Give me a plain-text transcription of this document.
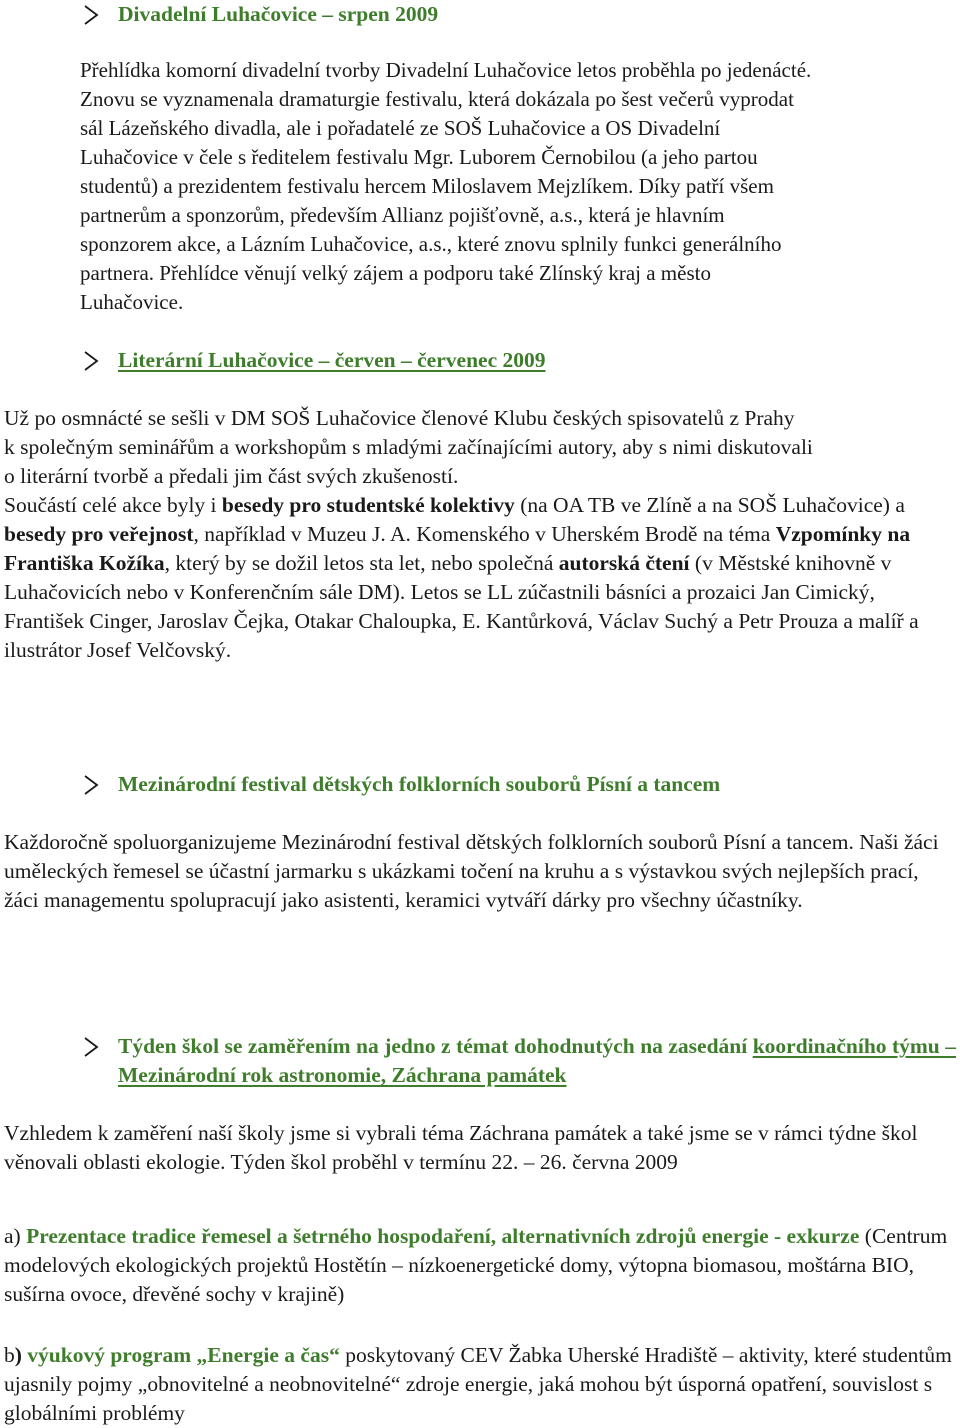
Divadelní Luhačovice – srpen 2009
Přehlídka komorní divadelní tvorby Divadelní Luhačovice letos proběhla po jedenácté.
Znovu se vyznamenala dramaturgie festivalu, která dokázala po šest večerů vyprodat
sál Lázeňského divadla, ale i pořadatelé ze SOŠ Luhačovice a OS Divadelní
Luhačovice v čele s ředitelem festivalu Mgr. Luborem Černobilou (a jeho partou
studentů) a prezidentem festivalu hercem Miloslavem Mejzlíkem. Díky patří všem
partnerům a sponzorům, především Allianz pojišťovně, a.s., která je hlavním
sponzorem akce, a Lázním Luhačovice, a.s., které znovu splnily funkci generálního
partnera. Přehlídce věnují velký zájem a podporu také Zlínský kraj a město
Luhačovice.
Literární Luhačovice – červen – červenec 2009
Už po osmnácté se sešli v DM SOŠ Luhačovice členové Klubu českých spisovatelů z Prahy
k společným seminářům a workshopům s mladými začínajícími autory, aby s nimi diskutovali
o literární tvorbě a předali jim část svých zkušeností.

Součástí celé akce byly i besedy pro studentské kolektivy (na OA TB ve Zlíně a na SOŠ Luhačovice) a besedy pro veřejnost, například v Muzeu J. A. Komenského v Uherském Brodě na téma Vzpomínky na Františka Kožíka, který by se dožil letos sta let, nebo společná autorská čtení (v Městské knihovně v Luhačovicích nebo v Konferenčním sále DM). Letos se LL zúčastnili básníci a prozaici Jan Cimický, František Cinger, Jaroslav Čejka, Otakar Chaloupka, E. Kantůrková, Václav Suchý a Petr Prouza a malíř a ilustrátor Josef Velčovský.

Mezinárodní festival dětských folklorních souborů Písní a tancem

Každoročně spoluorganizujeme Mezinárodní festival dětských folklorních souborů Písní a tancem. Naši žáci uměleckých řemesel se účastní jarmarku s ukázkami točení na kruhu a s výstavkou svých nejlepších prací, žáci managementu spolupracují jako asistenti, keramici vytváří dárky pro všechny účastníky.

Týden škol se zaměřením na jedno z témat dohodnutých na zasedání koordinačního týmu – Mezinárodní rok astronomie, Záchrana památek

Vzhledem k zaměření naší školy jsme si vybrali téma Záchrana památek a také jsme se v rámci týdne škol věnovali oblasti ekologie. Týden škol proběhl v termínu 22. – 26. června 2009

a) Prezentace tradice řemesel a šetrného hospodaření, alternativních zdrojů energie - exkurze (Centrum modelových ekologických projektů Hostětín – nízkoenergetické domy, výtopna biomasou, moštárna BIO, sušírna ovoce, dřevěné sochy v krajině)

b) výukový program „Energie a čas“ poskytovaný CEV Žabka Uherské Hradiště – aktivity, které studentům ujasnily pojmy „obnovitelné a neobnovitelné“ zdroje energie, jaká mohou být úsporná opatření, souvislost s globálními problémy
